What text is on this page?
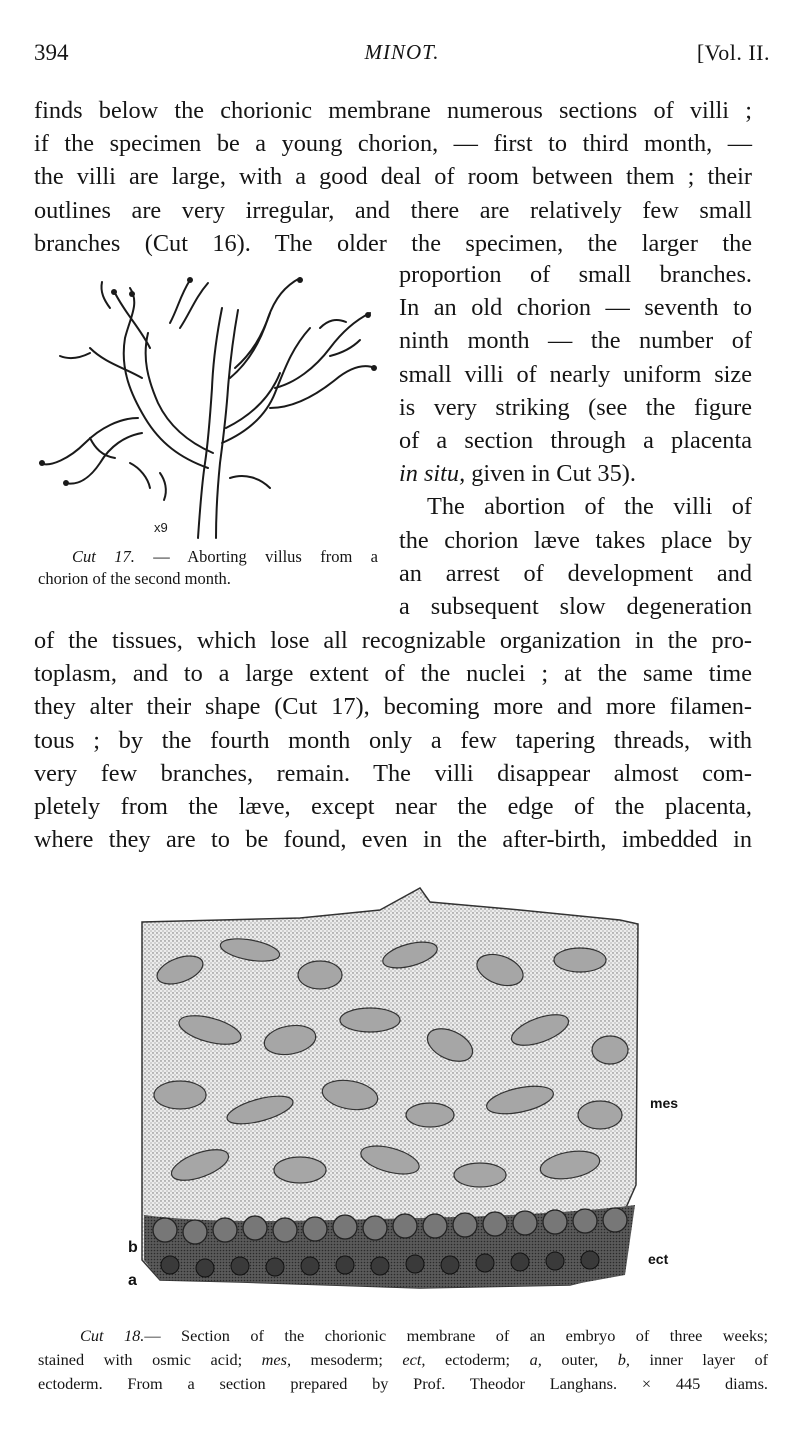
394	MINOT.	[Vol. II.
finds below the chorionic membrane numerous sections of villi ;
if the specimen be a young chorion, — first to third month, —
the villi are large, with a good deal of room between them ; their
outlines are very irregular, and there are relatively few small
branches (Cut 16). The older the specimen, the larger the
proportion of small branches.
In an old chorion — seventh to
ninth month — the number of
small villi of nearly uniform size
is very striking (see the figure
of a section through a placenta
in situ, given in Cut 35).
The abortion of the villi of
the chorion læve takes place by
an arrest of development and
a subsequent slow degeneration
of the tissues, which lose all recognizable organization in the pro-
toplasm, and to a large extent of the nuclei ; at the same time
they alter their shape (Cut 17), becoming more and more filamen-
tous ; by the fourth month only a few tapering threads, with
very few branches, remain. The villi disappear almost com-
pletely from the læve, except near the edge of the placenta,
where they are to be found, even in the after-birth, imbedded in
x9
Cut 17. — Aborting villus from a
chorion of the second month.
mes
ect
b
a
Cut 18.— Section of the chorionic membrane of an embryo of three weeks;
stained with osmic acid; mes, mesoderm; ect, ectoderm; a, outer, b, inner layer of
ectoderm. From a section prepared by Prof. Theodor Langhans. × 445 diams.
